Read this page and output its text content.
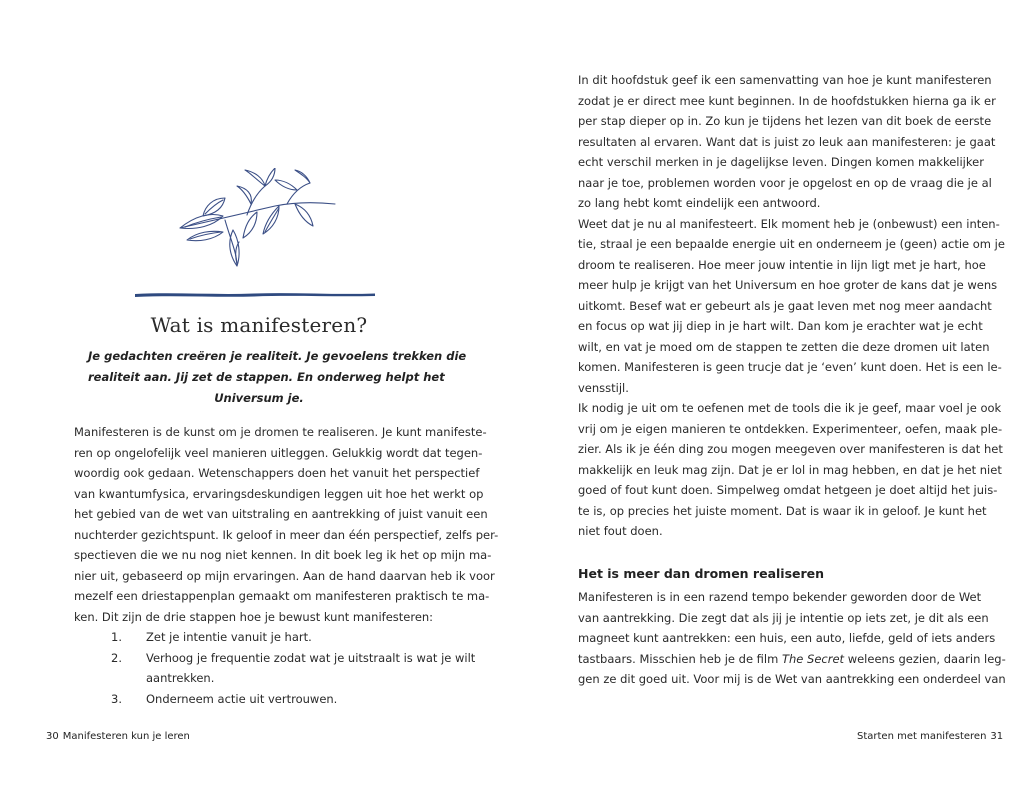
Wat is manifesteren?
Je gedachten creëren je realiteit. Je gevoelens trekken die
realiteit aan. Jij zet de stappen. En onderweg helpt het
Universum je.
Manifesteren is de kunst om je dromen te realiseren. Je kunt manifeste-
ren op ongelofelijk veel manieren uitleggen. Gelukkig wordt dat tegen-
woordig ook gedaan. Wetenschappers doen het vanuit het perspectief
van kwantumfysica, ervaringsdeskundigen leggen uit hoe het werkt op
het gebied van de wet van uitstraling en aantrekking of juist vanuit een
nuchterder gezichtspunt. Ik geloof in meer dan één perspectief, zelfs per-
spectieven die we nu nog niet kennen. In dit boek leg ik het op mijn ma-
nier uit, gebaseerd op mijn ervaringen. Aan de hand daarvan heb ik voor
mezelf een driestappenplan gemaakt om manifesteren praktisch te ma-
ken. Dit zijn de drie stappen hoe je bewust kunt manifesteren:
1. Zet je intentie vanuit je hart.
2. Verhoog je frequentie zodat wat je uitstraalt is wat je wilt
aantrekken.
3. Onderneem actie uit vertrouwen.
30 Manifesteren kun je leren
In dit hoofdstuk geef ik een samenvatting van hoe je kunt manifesteren
zodat je er direct mee kunt beginnen. In de hoofdstukken hierna ga ik er
per stap dieper op in. Zo kun je tijdens het lezen van dit boek de eerste
resultaten al ervaren. Want dat is juist zo leuk aan manifesteren: je gaat
echt verschil merken in je dagelijkse leven. Dingen komen makkelijker
naar je toe, problemen worden voor je opgelost en op de vraag die je al
zo lang hebt komt eindelijk een antwoord.
Weet dat je nu al manifesteert. Elk moment heb je (onbewust) een inten-
tie, straal je een bepaalde energie uit en onderneem je (geen) actie om je
droom te realiseren. Hoe meer jouw intentie in lijn ligt met je hart, hoe
meer hulp je krijgt van het Universum en hoe groter de kans dat je wens
uitkomt. Besef wat er gebeurt als je gaat leven met nog meer aandacht
en focus op wat jij diep in je hart wilt. Dan kom je erachter wat je echt
wilt, en vat je moed om de stappen te zetten die deze dromen uit laten
komen. Manifesteren is geen trucje dat je ‘even’ kunt doen. Het is een le-
vensstijl.
Ik nodig je uit om te oefenen met de tools die ik je geef, maar voel je ook
vrij om je eigen manieren te ontdekken. Experimenteer, oefen, maak ple-
zier. Als ik je één ding zou mogen meegeven over manifesteren is dat het
makkelijk en leuk mag zijn. Dat je er lol in mag hebben, en dat je het niet
goed of fout kunt doen. Simpelweg omdat hetgeen je doet altijd het juis-
te is, op precies het juiste moment. Dat is waar ik in geloof. Je kunt het
niet fout doen.
Het is meer dan dromen realiseren
Manifesteren is in een razend tempo bekender geworden door de Wet
van aantrekking. Die zegt dat als jij je intentie op iets zet, je dit als een
magneet kunt aantrekken: een huis, een auto, liefde, geld of iets anders
tastbaars. Misschien heb je de film The Secret weleens gezien, daarin leg-
gen ze dit goed uit. Voor mij is de Wet van aantrekking een onderdeel van
Starten met manifesteren 31
